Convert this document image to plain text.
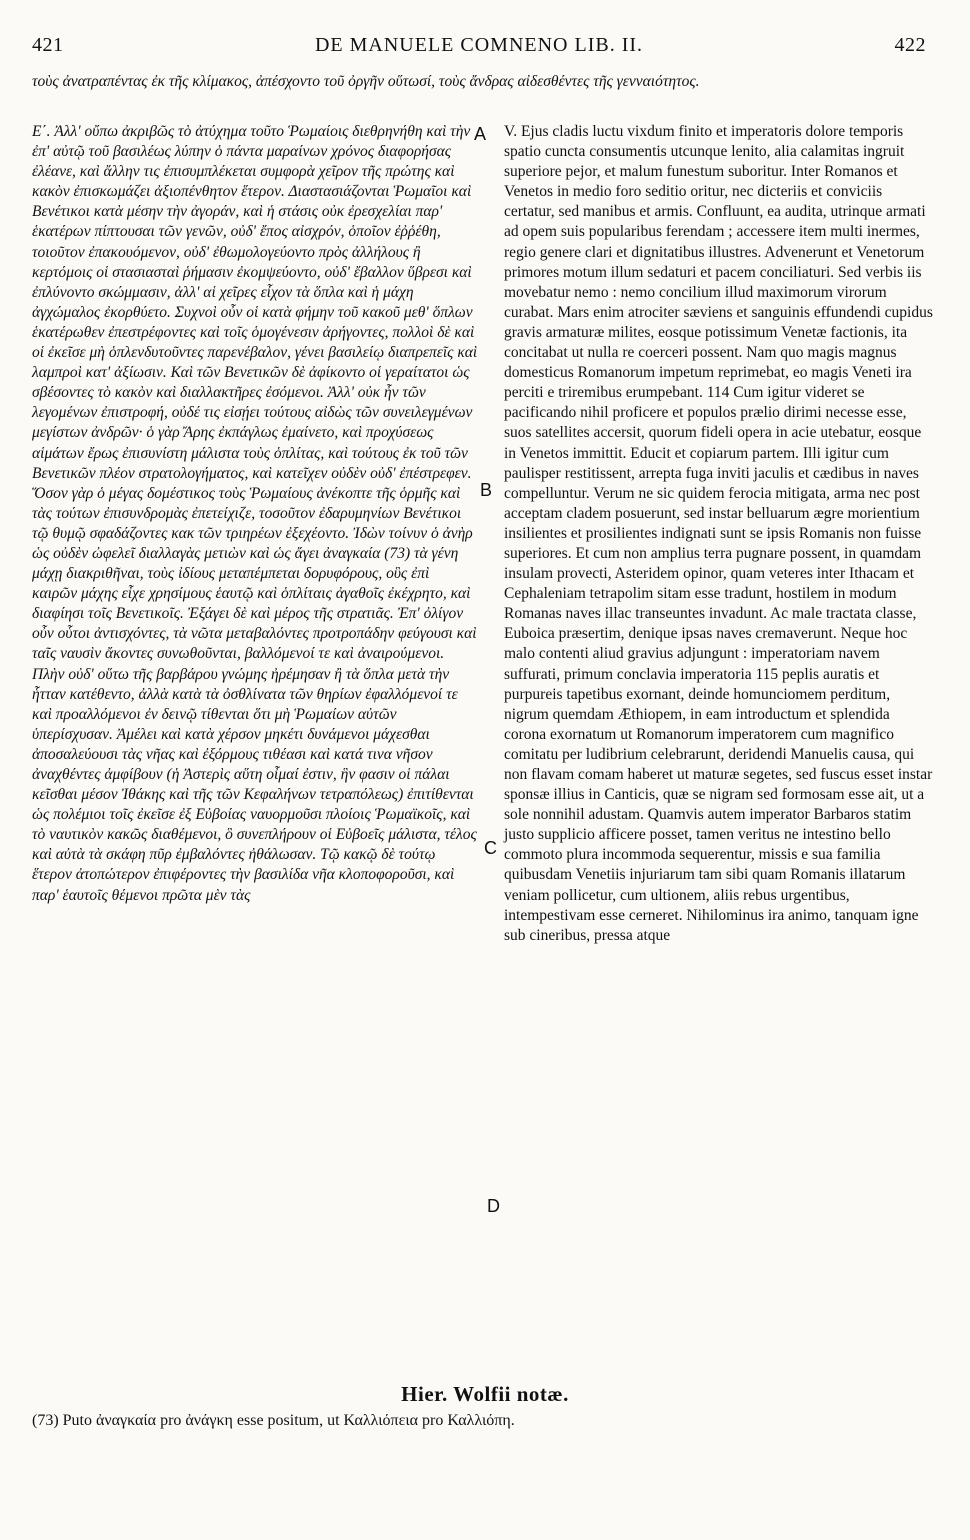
421	DE MANUELE COMNENO LIB. II.	422
τοὺς ἀνατραπέντας ἐκ τῆς κλίμακος, ἀπέσχοντο τοῦ ὀργῆν οὕτωσί, τοὺς ἄνδρας αἰδεσθέντες τῆς γενναιότητος.

Ε΄. Ἀλλ' οὔπω ἀκριβῶς τὸ ἀτύχημα τοῦτο Ῥωμαίοις διεθρηνήθη καὶ τὴν ἐπ' αὐτῷ τοῦ βασιλέως λύπην ὁ πάντα μαραίνων χρόνος διαφορήσας ἐλέανε, καὶ ἄλλην τις ἐπισυμπλέκεται συμφορὰ χεῖρον τῆς πρώτης καὶ κακὸν ἐπισκωμάζει ἀξιοπένθητον ἕτερον. Διαστασιάζονται Ῥωμαῖοι καὶ Βενέτικοι κατὰ μέσην τὴν ἀγοράν, καὶ ἡ στάσις οὐκ ἐρεσχελίαι παρ' ἑκατέρων πίπτουσαι τῶν γενῶν, οὐδ' ἔπος αἰσχρόν, ὁποῖον ἐῤῥέθη, τοιοῦτον ἐπακουόμενον, οὐδ' ἐθωμολογεύοντο πρὸς ἀλλήλους ἢ κερτόμοις οἱ στασιασταὶ ῥήμασιν ἐκομψεύοντο, οὐδ' ἔβαλλον ὕβρεσι καὶ ἐπλύνοντο σκώμμασιν, ἀλλ' αἱ χεῖρες εἶχον τὰ ὅπλα καὶ ἡ μάχη ἀγχώμαλος ἐκορθύετο. Συχνοὶ οὖν οἱ κατὰ φήμην τοῦ κακοῦ μεθ' ὅπλων ἑκατέρωθεν ἐπεστρέφοντες καὶ τοῖς ὁμογένεσιν ἀρήγοντες, πολλοὶ δὲ καὶ οἱ ἐκεῖσε μὴ ὁπλενδυτοῦντες παρενέβαλον, γένει βασιλείῳ διαπρεπεῖς καὶ λαμπροὶ κατ' ἀξίωσιν. Καὶ τῶν Βενετικῶν δὲ ἀφίκοντο οἱ γεραίτατοι ὡς σβέσοντες τὸ κακὸν καὶ διαλλακτῆρες ἐσόμενοι. Ἀλλ' οὐκ ἦν τῶν λεγομένων ἐπιστροφή, οὐδέ τις εἰσῄει τούτους αἰδὼς τῶν συνειλεγμένων μεγίστων ἀνδρῶν· ὁ γὰρ Ἄρης ἐκπάγλως ἐμαίνετο, καὶ προχύσεως αἱμάτων ἔρως ἐπισυνίστη μάλιστα τοὺς ὁπλίτας, καὶ τούτους ἐκ τοῦ τῶν Βενετικῶν πλέον στρατολογήματος, καὶ κατεῖχεν οὐδὲν οὐδ' ἐπέστρεφεν. Ὅσον γὰρ ὁ μέγας δομέστικος τοὺς Ῥωμαίους ἀνέκοπτε τῆς ὁρμῆς καὶ τὰς τούτων ἐπισυνδρομὰς ἐπετείχιζε, τοσοῦτον ἐδαρυμηνίων Βενέτικοι τῷ θυμῷ σφαδάζοντες κακ τῶν τριηρέων ἐξεχέοντο. Ἰδὼν τοίνυν ὁ ἀνὴρ ὡς οὐδὲν ὠφελεῖ διαλλαγὰς μετιὼν καὶ ὡς ἄγει ἀναγκαία (73) τὰ γένη μάχῃ διακριθῆναι, τοὺς ἰδίους μεταπέμπεται δορυφόρους, οὓς ἐπὶ καιρῶν μάχης εἶχε χρησίμους ἑαυτῷ καὶ ὁπλίταις ἀγαθοῖς ἐκέχρητο, καὶ διαφίησι τοῖς Βενετικοῖς. Ἐξάγει δὲ καὶ μέρος τῆς στρατιᾶς. Ἐπ' ὀλίγον οὖν οὗτοι ἀντισχόντες, τὰ νῶτα μεταβαλόντες προτροπάδην φεύγουσι καὶ ταῖς ναυσὶν ἄκοντες συνωθοῦνται, βαλλόμενοί τε καὶ ἀναιρούμενοι. Πλὴν οὐδ' οὕτω τῆς βαρβάρου γνώμης ἠρέμησαν ἢ τὰ ὅπλα μετὰ τὴν ἧτταν κατέθεντο, ἀλλὰ κατὰ τὰ ὀσθλίνατα τῶν θηρίων ἐφαλλόμενοί τε καὶ προαλλόμενοι ἐν δεινῷ τίθενται ὅτι μὴ Ῥωμαίων αὐτῶν ὑπερίσχυσαν. Ἀμέλει καὶ κατὰ χέρσον μηκέτι δυνάμενοι μάχεσθαι ἀποσαλεύουσι τὰς νῆας καὶ ἐξόρμους τιθέασι καὶ κατά τινα νῆσον ἀναχθέντες ἀμφίβουν (ἡ Ἀστερὶς αὕτη οἶμαί ἐστιν, ἣν φασιν οἱ πάλαι κεῖσθαι μέσον Ἰθάκης καὶ τῆς τῶν Κεφαλήνων τετραπόλεως) ἐπιτίθενται ὡς πολέμιοι τοῖς ἐκεῖσε ἐξ Εὐβοίας ναυορμοῦσι πλοίοις Ῥωμαϊκοῖς, καὶ τὸ ναυτικὸν κακῶς διαθέμενοι, ὃ συνεπλήρουν οἱ Εὐβοεῖς μάλιστα, τέλος καὶ αὐτὰ τὰ σκάφη πῦρ ἐμβαλόντες ἠθάλωσαν. Τῷ κακῷ δὲ τούτῳ ἕτερον ἀτοπώτερον ἐπιφέροντες τὴν βασιλίδα νῆα κλοποφοροῦσι, καὶ παρ' ἑαυτοῖς θέμενοι πρῶτα μὲν τὰς

V. Ejus cladis luctu vixdum finito et imperatoris dolore temporis spatio cuncta consumentis utcunque lenito, alia calamitas ingruit superiore pejor, et malum funestum suboritur. Inter Romanos et Venetos in medio foro seditio oritur, nec dicteriis et conviciis certatur, sed manibus et armis. Confluunt, ea audita, utrinque armati ad opem suis popularibus ferendam ; accessere item multi inermes, regio genere clari et dignitatibus illustres. Advenerunt et Venetorum primores motum illum sedaturi et pacem conciliaturi. Sed verbis iis movebatur nemo : nemo concilium illud maximorum virorum curabat. Mars enim atrociter sæviens et sanguinis effundendi cupidus gravis armaturæ milites, eosque potissimum Venetæ factionis, ita concitabat ut nulla re coerceri possent. Nam quo magis magnus domesticus Romanorum impetum reprimebat, eo magis Veneti ira perciti e triremibus erumpebant. 114 Cum igitur videret se pacificando nihil proficere et populos prælio dirimi necesse esse, suos satellites accersit, quorum fideli opera in acie utebatur, eosque in Venetos immittit. Educit et copiarum partem. Illi igitur cum paulisper restitissent, arrepta fuga inviti jaculis et cædibus in naves compelluntur. Verum ne sic quidem ferocia mitigata, arma nec post acceptam cladem posuerunt, sed instar belluarum ægre morientium insilientes et prosilientes indignati sunt se ipsis Romanis non fuisse superiores. Et cum non amplius terra pugnare possent, in quamdam insulam provecti, Asteridem opinor, quam veteres inter Ithacam et Cephaleniam tetrapolim sitam esse tradunt, hostilem in modum Romanas naves illac transeuntes invadunt. Ac male tractata classe, Euboica præsertim, denique ipsas naves cremaverunt. Neque hoc malo contenti aliud gravius adjungunt : imperatoriam navem suffurati, primum conclavia imperatoria 115 peplis auratis et purpureis tapetibus exornant, deinde homunciomem perditum, nigrum quemdam Æthiopem, in eam introductum et splendida corona exornatum ut Romanorum imperatorem cum magnifico comitatu per ludibrium celebrarunt, deridendi Manuelis causa, qui non flavam comam haberet ut maturæ segetes, sed fuscus esset instar sponsæ illius in Canticis, quæ se nigram sed formosam esse ait, ut a sole nonnihil adustam. Quamvis autem imperator Barbaros statim justo supplicio afficere posset, tamen veritus ne intestino bello commoto plura incommoda sequerentur, missis e sua familia quibusdam Venetiis injuriarum tam sibi quam Romanis illatarum veniam pollicetur, cum ultionem, aliis rebus urgentibus, intempestivam esse cerneret. Nihilominus ira animo, tanquam igne sub cineribus, pressa atque

A
B
C
D
Hier. Wolfii notæ.
(73) Puto ἀναγκαία pro ἀνάγκη esse positum, ut Καλλιόπεια pro Καλλιόπη.
